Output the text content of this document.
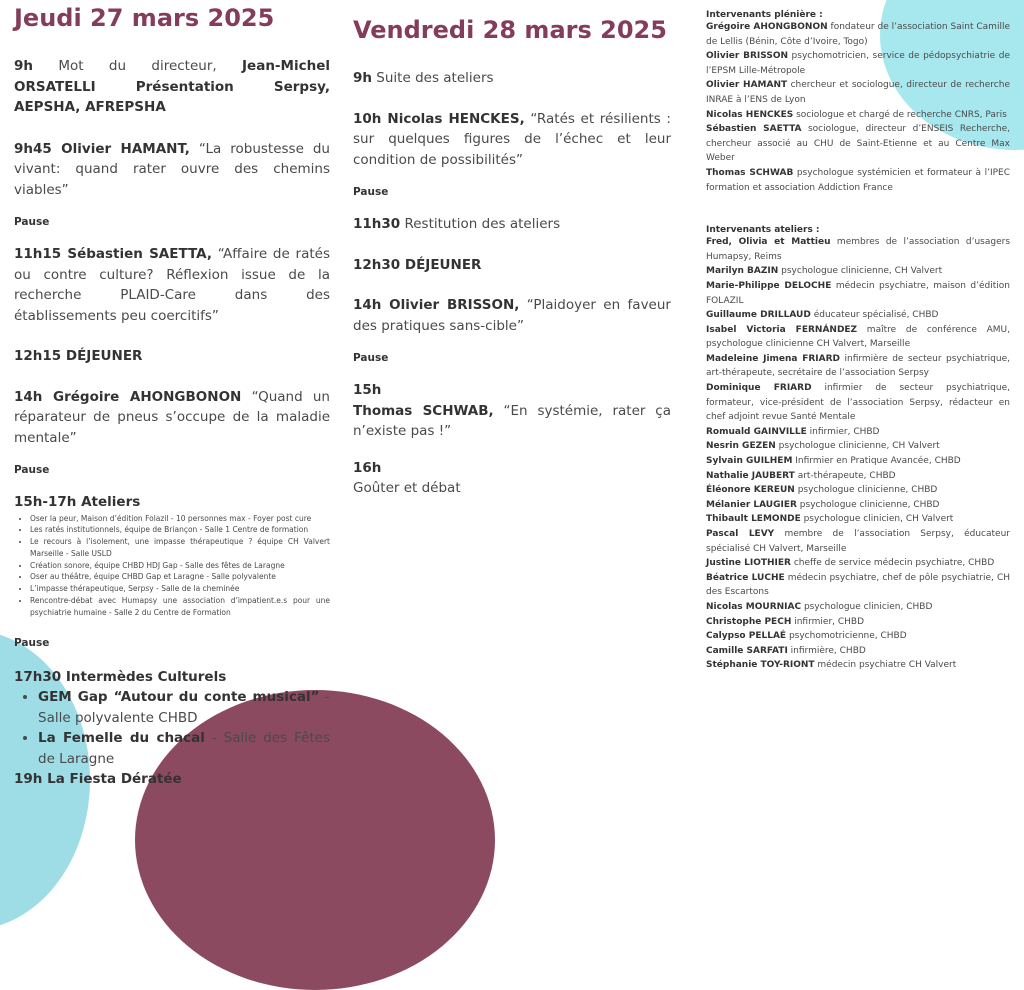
Jeudi 27 mars 2025

9h Mot du directeur, Jean-Michel ORSATELLI Présentation Serpsy, AEPSHA, AFREPSHA

9h45 Olivier HAMANT, “La robustesse du vivant: quand rater ouvre des chemins viables”

Pause

11h15 Sébastien SAETTA, “Affaire de ratés ou contre culture? Réflexion issue de la recherche PLAID-Care dans des établissements peu coercitifs”

12h15 DÉJEUNER

14h Grégoire AHONGBONON “Quand un réparateur de pneus s’occupe de la maladie mentale”

Pause

15h-17h Ateliers

• Oser la peur, Maison d’édition Folazil - 10 personnes max - Foyer post cure
• Les ratés institutionnels, équipe de Briançon - Salle 1 Centre de formation
• Le recours à l’isolement, une impasse thérapeutique ? équipe CH Valvert Marseille - Salle USLD
• Création sonore, équipe CHBD HDJ Gap - Salle des fêtes de Laragne
• Oser au théâtre, équipe CHBD Gap et Laragne - Salle polyvalente
• L’impasse thérapeutique, Serpsy - Salle de la cheminée
• Rencontre-débat avec Humapsy une association d’impatient.e.s pour une psychiatrie humaine - Salle 2 du Centre de Formation
Pause

17h30 Intermèdes Culturels

• GEM Gap “Autour du conte musical” - Salle polyvalente CHBD
• La Femelle du chacal - Salle des Fêtes de Laragne

19h La Fiesta Dératée

Vendredi 28 mars 2025

9h Suite des ateliers

10h Nicolas HENCKES, “Ratés et résilients : sur quelques figures de l’échec et leur condition de possibilités”

Pause

11h30 Restitution des ateliers

12h30 DÉJEUNER

14h Olivier BRISSON, “Plaidoyer en faveur des pratiques sans-cible”

Pause

15h

Thomas SCHWAB, “En systémie, rater ça n’existe pas !”

16h

Goûter et débat

Intervenants plénière :

Grégoire AHONGBONON fondateur de l’association Saint Camille de Lellis (Bénin, Côte d’Ivoire, Togo)

Olivier BRISSON psychomotricien, service de pédopsychiatrie de l’EPSM Lille-Métropole

Olivier HAMANT chercheur et sociologue, directeur de recherche INRAE à l’ENS de Lyon

Nicolas HENCKES sociologue et chargé de recherche CNRS, Paris

Sébastien SAETTA sociologue, directeur d’ENSEIS Recherche, chercheur associé au CHU de Saint-Etienne et au Centre Max Weber

Thomas SCHWAB psychologue systémicien et formateur à l’IPEC formation et association Addiction France

Intervenants ateliers :

Fred, Olivia et Mattieu membres de l’association d’usagers Humapsy, Reims

Marilyn BAZIN psychologue clinicienne, CH Valvert

Marie-Philippe DELOCHE médecin psychiatre, maison d’édition FOLAZIL

Guillaume DRILLAUD éducateur spécialisé, CHBD

Isabel Victoria FERNÁNDEZ maître de conférence AMU, psychologue clinicienne CH Valvert, Marseille

Madeleine Jimena FRIARD infirmière de secteur psychiatrique, art-thérapeute, secrétaire de l’association Serpsy

Dominique FRIARD infirmier de secteur psychiatrique, formateur, vice-président de l’association Serpsy, rédacteur en chef adjoint revue Santé Mentale

Romuald GAINVILLE infirmier, CHBD

Nesrin GEZEN psychologue clinicienne, CH Valvert

Sylvain GUILHEM Infirmier en Pratique Avancée, CHBD

Nathalie JAUBERT art-thérapeute, CHBD

Éléonore KEREUN psychologue clinicienne, CHBD

Mélanier LAUGIER psychologue clinicienne, CHBD

Thibault LEMONDE psychologue clinicien, CH Valvert

Pascal LEVY membre de l’association Serpsy, éducateur spécialisé CH Valvert, Marseille

Justine LIOTHIER cheffe de service médecin psychiatre, CHBD

Béatrice LUCHE médecin psychiatre, chef de pôle psychiatrie, CH des Escartons

Nicolas MOURNIAC psychologue clinicien, CHBD

Christophe PECH infirmier, CHBD

Calypso PELLAÉ psychomotricienne, CHBD

Camille SARFATI infirmière, CHBD

Stéphanie TOY-RIONT médecin psychiatre CH Valvert
